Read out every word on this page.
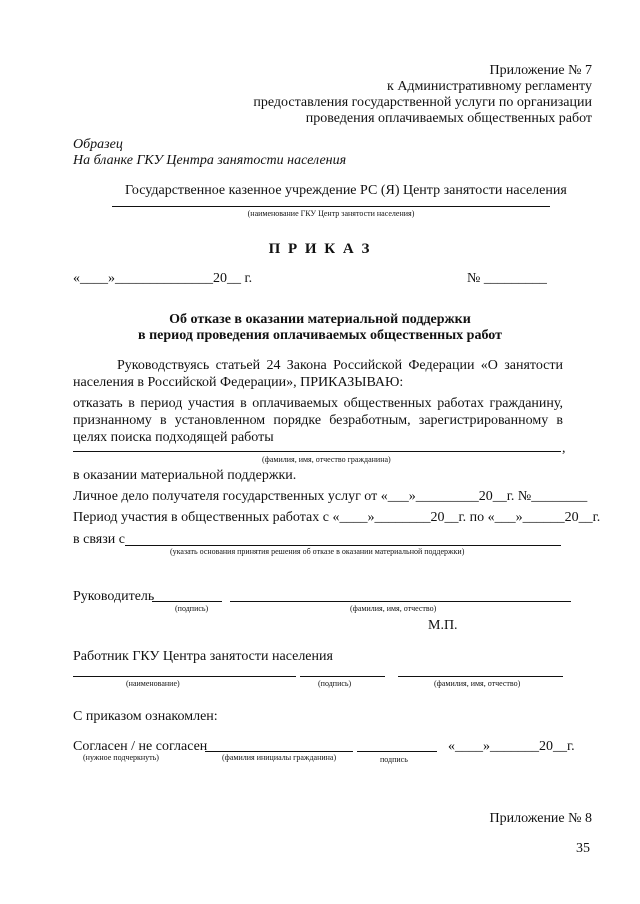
Приложение № 7
к Административному регламенту
предоставления государственной услуги по организации
проведения оплачиваемых общественных работ
Образец
На бланке ГКУ Центра занятости населения
Государственное казенное учреждение РС (Я) Центр занятости населения
(наименование ГКУ Центр занятости населения)
П Р И К А З
«____»______________20__ г.	№ _________
Об отказе в оказании материальной поддержки
в период проведения оплачиваемых общественных работ
Руководствуясь статьей 24 Закона Российской Федерации «О занятости населения в Российской Федерации», ПРИКАЗЫВАЮ:
отказать в период участия в оплачиваемых общественных работах гражданину, признанному в установленном порядке безработным, зарегистрированному в целях поиска подходящей работы
,
(фамилия, имя, отчество гражданина)
в оказании материальной поддержки.
Личное дело получателя государственных услуг от «___»_________20__г. №________
Период участия в общественных работах с «____»________20__г. по «___»______20__г.
в связи с
(указать основания принятия решения об отказе в оказании материальной поддержки)
Руководитель
(подпись)	(фамилия, имя, отчество)
М.П.
Работник ГКУ Центра занятости населения
(наименование)	(подпись)	(фамилия, имя, отчество)
С приказом ознакомлен:
Согласен / не согласен	«____»_______20__г.
(нужное подчеркнуть)	(фамилия инициалы гражданина)	подпись
Приложение № 8
35
